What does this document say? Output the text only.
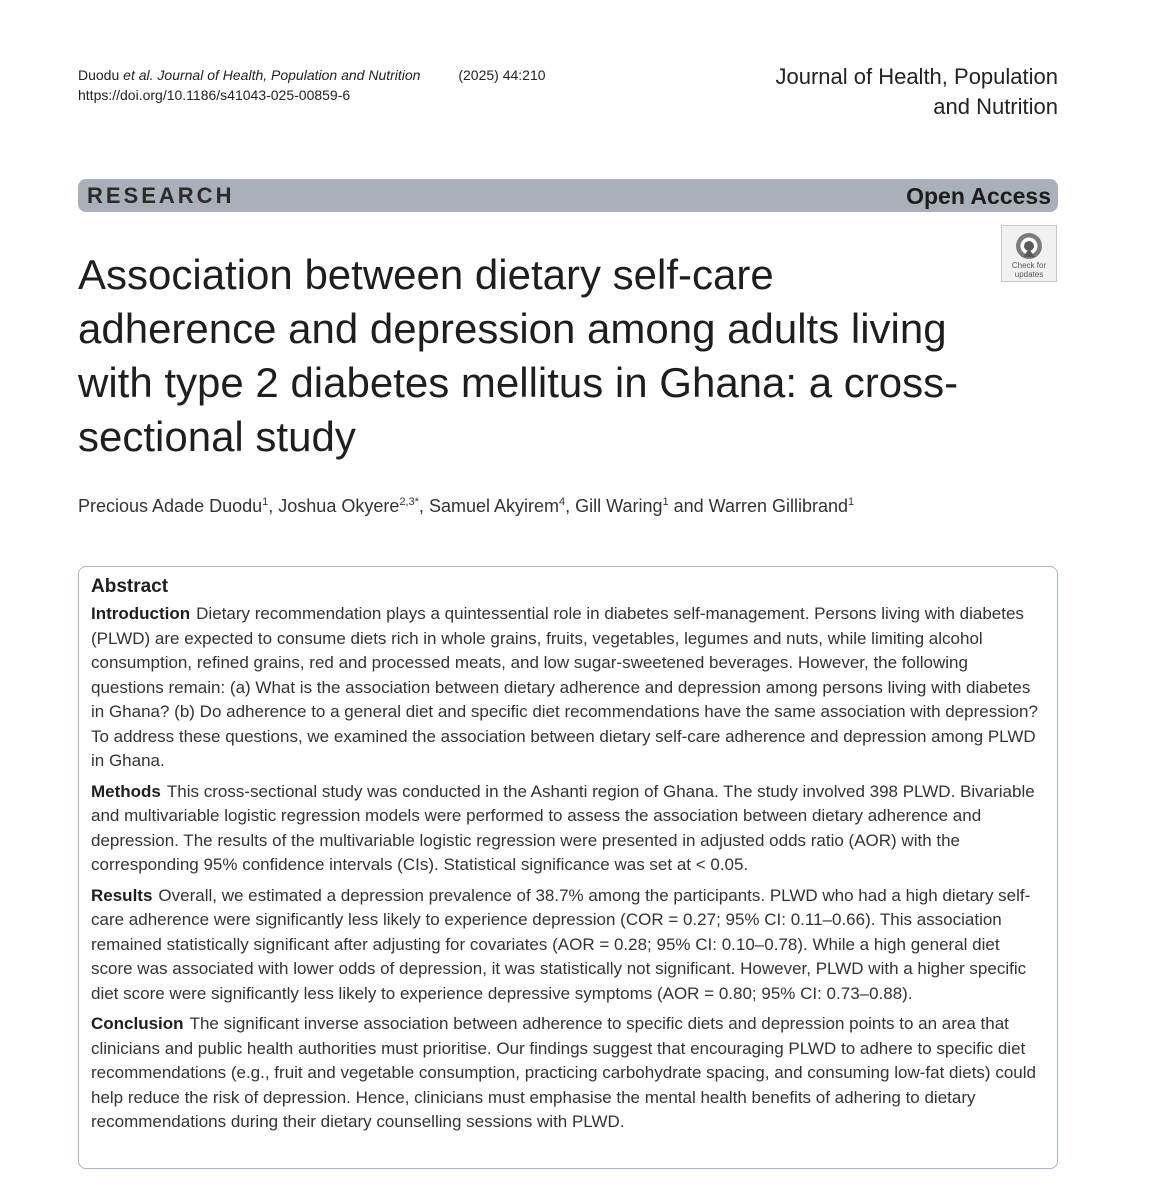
Duodu et al. Journal of Health, Population and Nutrition	(2025) 44:210
https://doi.org/10.1186/s41043-025-00859-6
Journal of Health, Population
and Nutrition
RESEARCH	Open Access
Check for
updates
Association between dietary self-care adherence and depression among adults living with type 2 diabetes mellitus in Ghana: a cross-sectional study
Precious Adade Duodu$^1$, Joshua Okyere$^{2,3*}$, Samuel Akyirem$^4$, Gill Waring$^1$ and Warren Gillibrand$^1$
Abstract

Introduction Dietary recommendation plays a quintessential role in diabetes self-management. Persons living with diabetes (PLWD) are expected to consume diets rich in whole grains, fruits, vegetables, legumes and nuts, while limiting alcohol consumption, refined grains, red and processed meats, and low sugar-sweetened beverages. However, the following questions remain: (a) What is the association between dietary adherence and depression among persons living with diabetes in Ghana? (b) Do adherence to a general diet and specific diet recommendations have the same association with depression? To address these questions, we examined the association between dietary self-care adherence and depression among PLWD in Ghana.

Methods This cross-sectional study was conducted in the Ashanti region of Ghana. The study involved 398 PLWD. Bivariable and multivariable logistic regression models were performed to assess the association between dietary adherence and depression. The results of the multivariable logistic regression were presented in adjusted odds ratio (AOR) with the corresponding 95% confidence intervals (CIs). Statistical significance was set at < 0.05.

Results Overall, we estimated a depression prevalence of 38.7% among the participants. PLWD who had a high dietary self-care adherence were significantly less likely to experience depression (COR = 0.27; 95% CI: 0.11–0.66). This association remained statistically significant after adjusting for covariates (AOR = 0.28; 95% CI: 0.10–0.78). While a high general diet score was associated with lower odds of depression, it was statistically not significant. However, PLWD with a higher specific diet score were significantly less likely to experience depressive symptoms (AOR = 0.80; 95% CI: 0.73–0.88).

Conclusion The significant inverse association between adherence to specific diets and depression points to an area that clinicians and public health authorities must prioritise. Our findings suggest that encouraging PLWD to adhere to specific diet recommendations (e.g., fruit and vegetable consumption, practicing carbohydrate spacing, and consuming low-fat diets) could help reduce the risk of depression. Hence, clinicians must emphasise the mental health benefits of adhering to dietary recommendations during their dietary counselling sessions with PLWD.
